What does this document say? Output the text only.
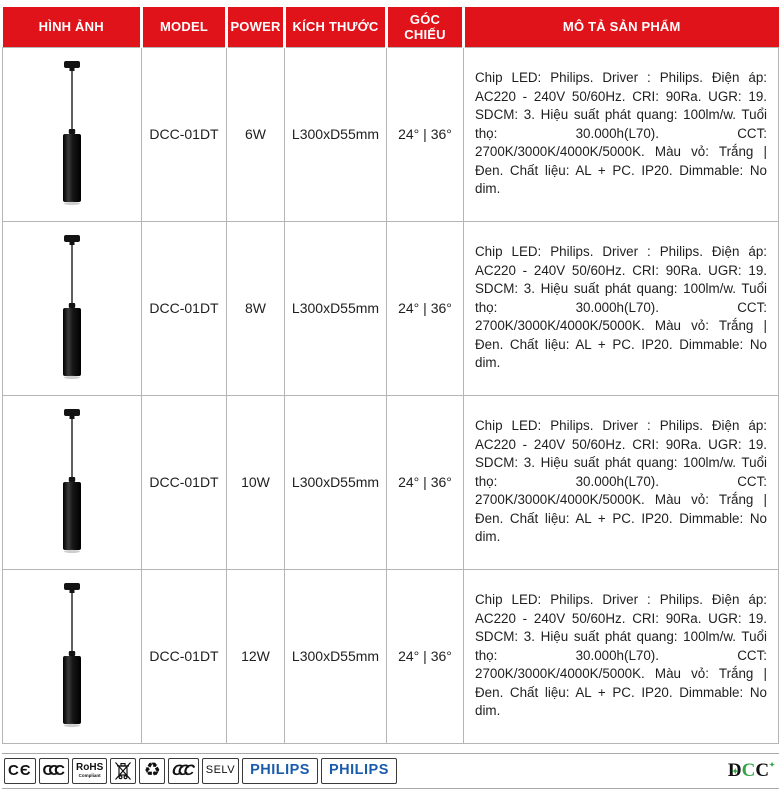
HÌNH ẢNH	MODEL	POWER	KÍCH THƯỚC	GÓC CHIẾU	MÔ TẢ SẢN PHẨM

	DCC-01DT	6W	L300xD55mm	24° | 36°	Chip LED: Philips. Driver : Philips. Điện áp: AC220 - 240V 50/60Hz. CRI: 90Ra. UGR: 19. SDCM: 3. Hiệu suất phát quang: 100lm/w. Tuổi thọ: 30.000h(L70). CCT: 2700K/3000K/4000K/5000K. Màu vỏ: Trắng | Đen. Chất liệu: AL + PC. IP20. Dimmable: No dim.

	DCC-01DT	8W	L300xD55mm	24° | 36°	Chip LED: Philips. Driver : Philips. Điện áp: AC220 - 240V 50/60Hz. CRI: 90Ra. UGR: 19. SDCM: 3. Hiệu suất phát quang: 100lm/w. Tuổi thọ: 30.000h(L70). CCT: 2700K/3000K/4000K/5000K. Màu vỏ: Trắng | Đen. Chất liệu: AL + PC. IP20. Dimmable: No dim.

	DCC-01DT	10W	L300xD55mm	24° | 36°	Chip LED: Philips. Driver : Philips. Điện áp: AC220 - 240V 50/60Hz. CRI: 90Ra. UGR: 19. SDCM: 3. Hiệu suất phát quang: 100lm/w. Tuổi thọ: 30.000h(L70). CCT: 2700K/3000K/4000K/5000K. Màu vỏ: Trắng | Đen. Chất liệu: AL + PC. IP20. Dimmable: No dim.

	DCC-01DT	12W	L300xD55mm	24° | 36°	Chip LED: Philips. Driver : Philips. Điện áp: AC220 - 240V 50/60Hz. CRI: 90Ra. UGR: 19. SDCM: 3. Hiệu suất phát quang: 100lm/w. Tuổi thọ: 30.000h(L70). CCT: 2700K/3000K/4000K/5000K. Màu vỏ: Trắng | Đen. Chất liệu: AL + PC. IP20. Dimmable: No dim.
CЄ CCC	RoHS
Compliant ♻ CCC	SELV PHILIPS PHILIPS	D ✦ C C ✦
